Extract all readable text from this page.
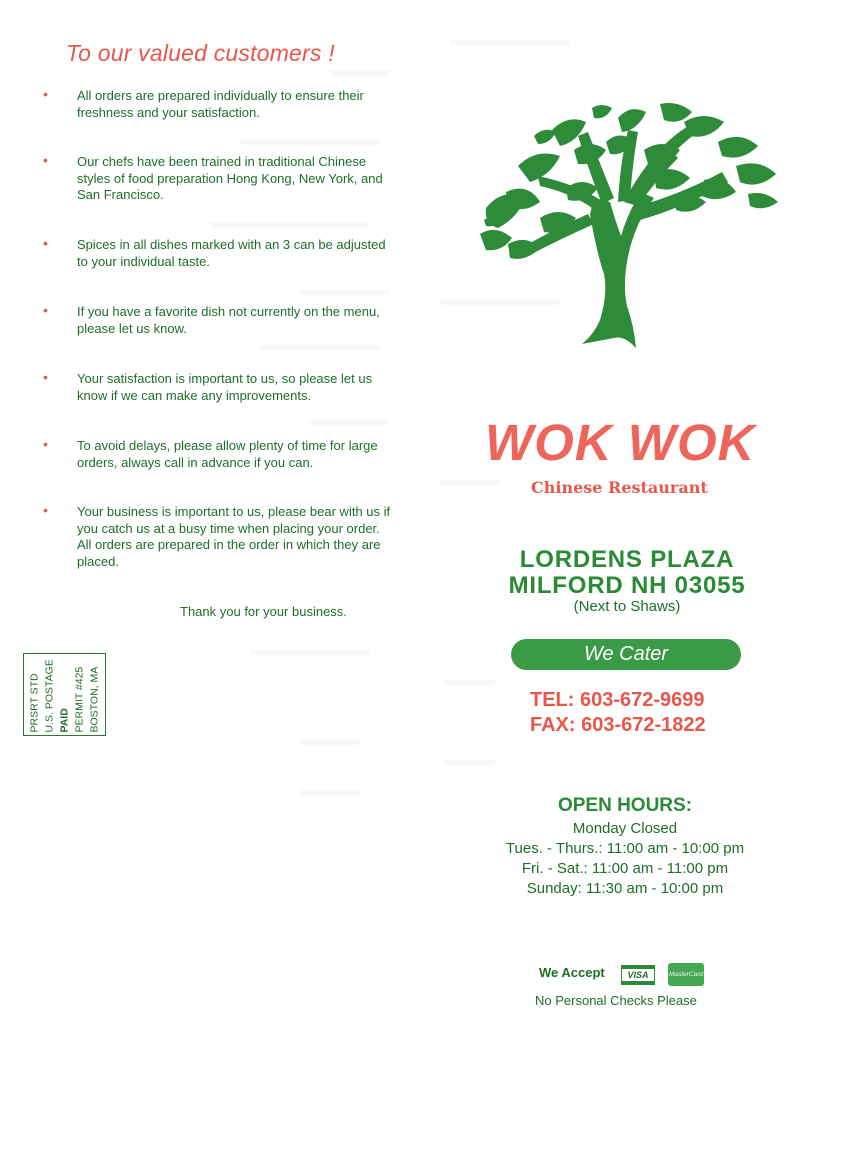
To our valued customers !
• All orders are prepared individually to ensure their freshness and your satisfaction.
• Our chefs have been trained in traditional Chinese styles of food preparation Hong Kong, New York, and San Francisco.
• Spices in all dishes marked with an 3 can be adjusted to your individual taste.
• If you have a favorite dish not currently on the menu, please let us know.
• Your satisfaction is important to us, so please let us know if we can make any improvements.
• To avoid delays, please allow plenty of time for large orders, always call in advance if you can.
• Your business is important to us, please bear with us if you catch us at a busy time when placing your order. All orders are prepared in the order in which they are placed.
Thank you for your business.
PRSRT STD U.S. POSTAGE PAID PERMIT #425 BOSTON, MA
WOK WOK
Chinese Restaurant
LORDENS PLAZA
MILFORD NH 03055
(Next to Shaws)
We Cater
TEL: 603-672-9699
FAX: 603-672-1822
OPEN HOURS:
Monday Closed
Tues. - Thurs.: 11:00 am - 10:00 pm
Fri. - Sat.: 11:00 am - 11:00 pm
Sunday: 11:30 am - 10:00 pm
We Accept	VISA	MasterCard
No Personal Checks Please
